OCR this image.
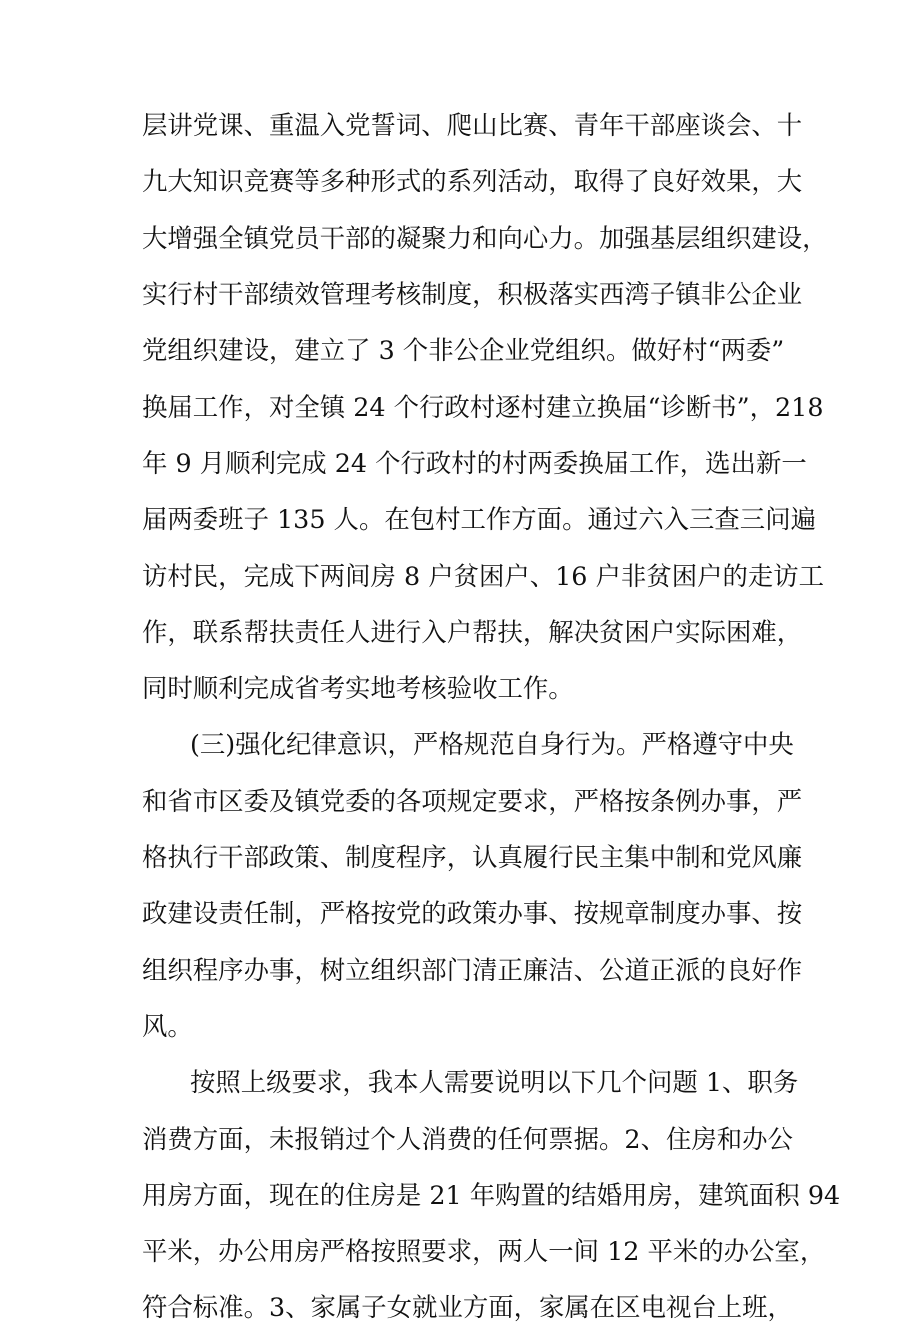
层讲党课、重温入党誓词、爬山比赛、青年干部座谈会、十
九大知识竞赛等多种形式的系列活动，取得了良好效果，大
大增强全镇党员干部的凝聚力和向心力。加强基层组织建设，
实行村干部绩效管理考核制度，积极落实西湾子镇非公企业
党组织建设，建立了 3 个非公企业党组织。做好村“两委”
换届工作，对全镇 24 个行政村逐村建立换届“诊断书”，218
年 9 月顺利完成 24 个行政村的村两委换届工作，选出新一
届两委班子 135 人。在包村工作方面。通过六入三查三问遍
访村民，完成下两间房 8 户贫困户、16 户非贫困户的走访工
作，联系帮扶责任人进行入户帮扶，解决贫困户实际困难，
同时顺利完成省考实地考核验收工作。
(三)强化纪律意识，严格规范自身行为。严格遵守中央
和省市区委及镇党委的各项规定要求，严格按条例办事，严
格执行干部政策、制度程序，认真履行民主集中制和党风廉
政建设责任制，严格按党的政策办事、按规章制度办事、按
组织程序办事，树立组织部门清正廉洁、公道正派的良好作
风。
按照上级要求，我本人需要说明以下几个问题 1、职务
消费方面，未报销过个人消费的任何票据。2、住房和办公
用房方面，现在的住房是 21 年购置的结婚用房，建筑面积 94
平米，办公用房严格按照要求，两人一间 12 平米的办公室，
符合标准。3、家属子女就业方面，家属在区电视台上班，
